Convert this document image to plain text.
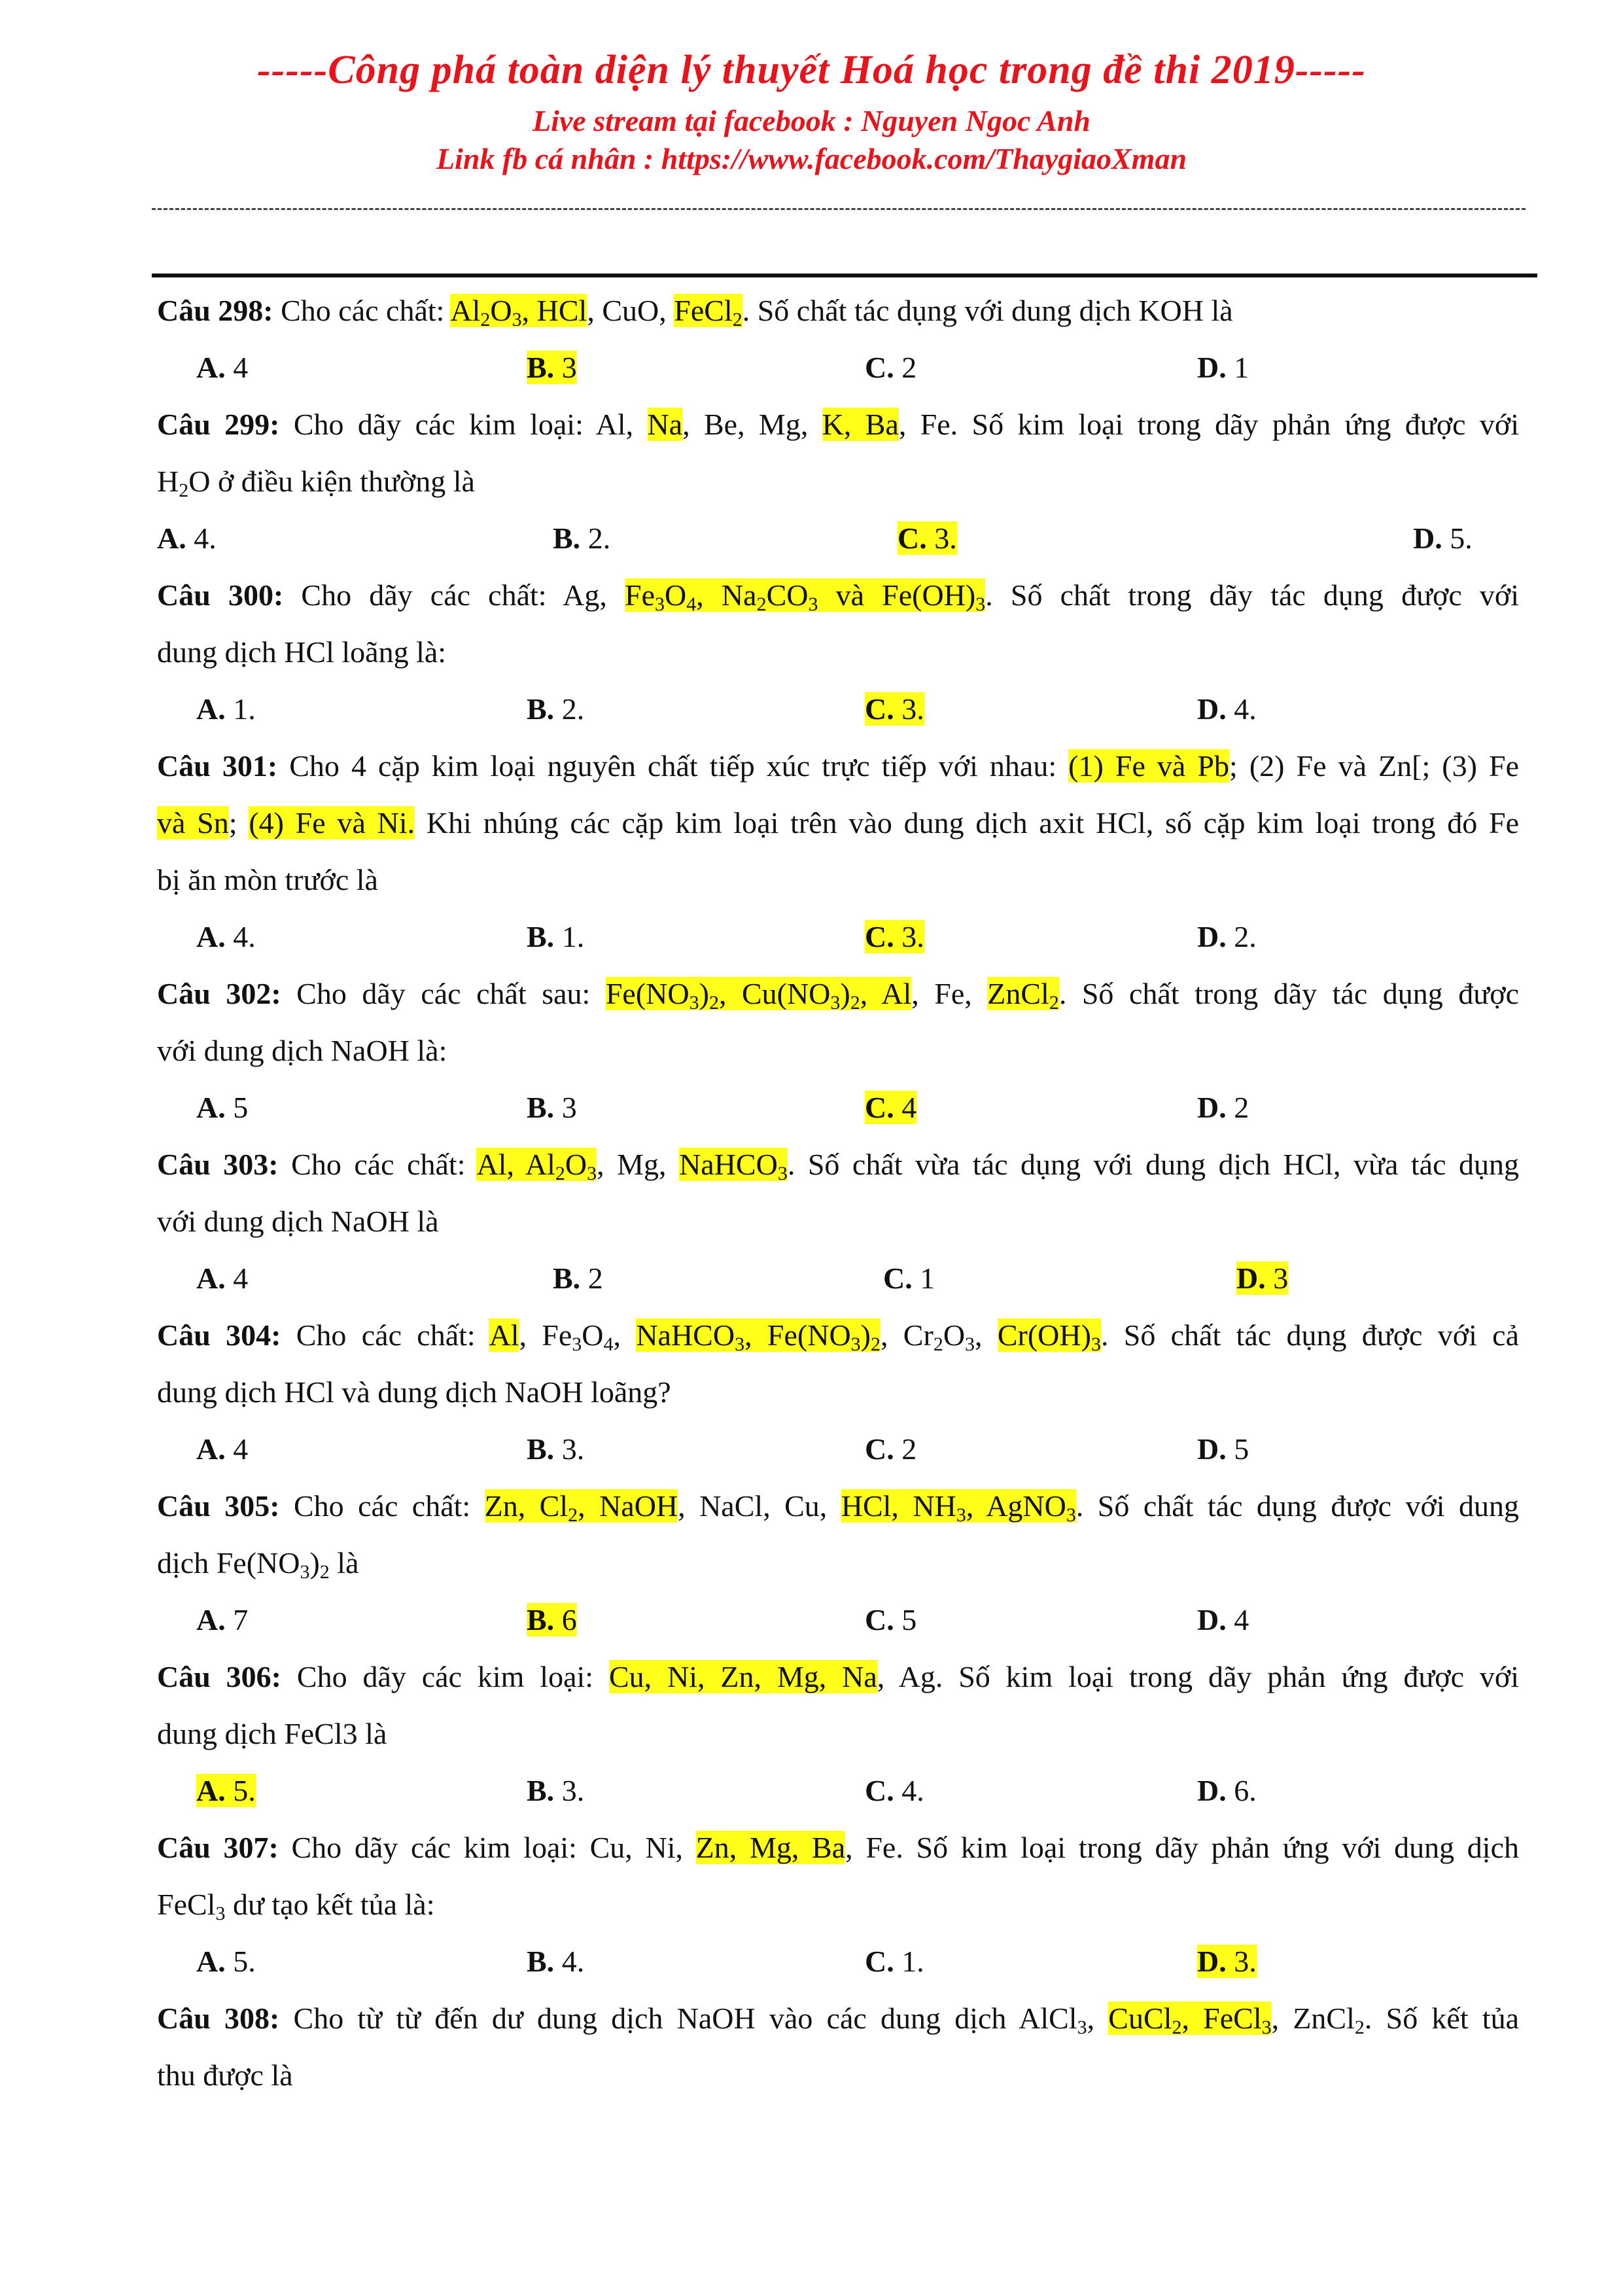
-----Công phá toàn diện lý thuyết Hoá học trong đề thi 2019-----
Live stream tại facebook : Nguyen Ngoc Anh
Link fb cá nhân : https://www.facebook.com/ThaygiaoXman
Câu 298: Cho các chất: $Al_2O_3$, HCl, CuO, FeCl$_2$. Số chất tác dụng với dung dịch KOH là
A. 4	B. 3	C. 2	D. 1
Câu 299: Cho dãy các kim loại: Al, Na, Be, Mg, K, Ba, Fe. Số kim loại trong dãy phản ứng được với
$H_2O$ ở điều kiện thường là
A. 4.	B. 2.	C. 3.	D. 5.
Câu 300: Cho dãy các chất: Ag, $Fe_3O_4$, $Na_2CO_3$ và $Fe(OH)_3$. Số chất trong dãy tác dụng được với
dung dịch HCl loãng là:
A. 1.	B. 2.	C. 3.	D. 4.
Câu 301: Cho 4 cặp kim loại nguyên chất tiếp xúc trực tiếp với nhau: (1) Fe và Pb; (2) Fe và Zn[; (3) Fe
và Sn; (4) Fe và Ni. Khi nhúng các cặp kim loại trên vào dung dịch axit HCl, số cặp kim loại trong đó Fe
bị ăn mòn trước là
A. 4.	B. 1.	C. 3.	D. 2.
Câu 302: Cho dãy các chất sau: $Fe(NO_3)_2$, $Cu(NO_3)_2$, Al, Fe, ZnCl$_2$. Số chất trong dãy tác dụng được
với dung dịch NaOH là:
A. 5	B. 3	C. 4	D. 2
Câu 303: Cho các chất: Al, $Al_2O_3$, Mg, NaHCO$_3$. Số chất vừa tác dụng với dung dịch HCl, vừa tác dụng
với dung dịch NaOH là
A. 4	B. 2	C. 1	D. 3
Câu 304: Cho các chất: Al, $Fe_3O_4$, NaHCO$_3$, $Fe(NO_3)_2$, $Cr_2O_3$, $Cr(OH)_3$. Số chất tác dụng được với cả
dung dịch HCl và dung dịch NaOH loãng?
A. 4	B. 3.	C. 2	D. 5
Câu 305: Cho các chất: Zn, $Cl_2$, NaOH, NaCl, Cu, HCl, $NH_3$, AgNO$_3$. Số chất tác dụng được với dung
dịch $Fe(NO_3)_2$ là
A. 7	B. 6	C. 5	D. 4
Câu 306: Cho dãy các kim loại: Cu, Ni, Zn, Mg, Na, Ag. Số kim loại trong dãy phản ứng được với
dung dịch FeCl3 là
A. 5.	B. 3.	C. 4.	D. 6.
Câu 307: Cho dãy các kim loại: Cu, Ni, Zn, Mg, Ba, Fe. Số kim loại trong dãy phản ứng với dung dịch
FeCl$_3$ dư tạo kết tủa là:
A. 5.	B. 4.	C. 1.	D. 3.
Câu 308: Cho từ từ đến dư dung dịch NaOH vào các dung dịch AlCl$_3$, CuCl$_2$, FeCl$_3$, ZnCl$_2$. Số kết tủa
thu được là
